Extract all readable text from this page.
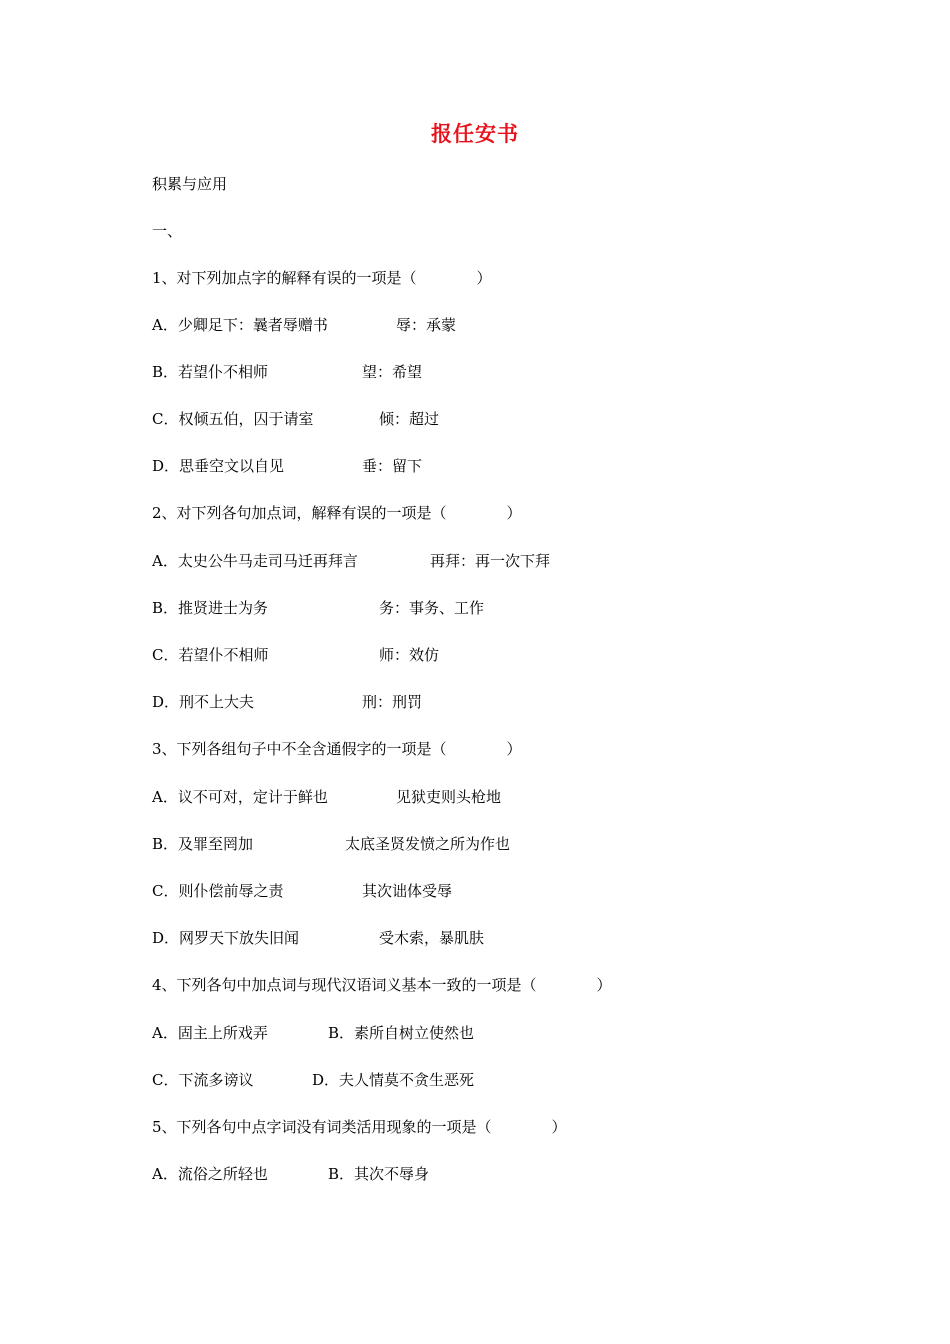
报任安书
积累与应用
一、
1、对下列加点字的解释有误的一项是（　　　　）

A．少卿足下：曩者辱赠书

	辱：承蒙

B．若望仆不相师

	望：希望

C．权倾五伯，囚于请室

	倾：超过

D．思垂空文以自见

	垂：留下

2、对下列各句加点词，解释有误的一项是（　　　　）

A．太史公牛马走司马迁再拜言

	再拜：再一次下拜

B．推贤进士为务

	务：事务、工作

C．若望仆不相师

	师：效仿

D．刑不上大夫

	刑：刑罚

3、下列各组句子中不全含通假字的一项是（　　　　）

A．议不可对，定计于鲜也

	见狱吏则头枪地

B．及罪至罔加

	太底圣贤发愤之所为作也

C．则仆偿前辱之责

	其次诎体受辱

D．网罗天下放失旧闻

	受木索，暴肌肤

4、下列各句中加点词与现代汉语词义基本一致的一项是（　　　　）

A．固主上所戏弄

	B．素所自树立使然也

C．下流多谤议

	D．夫人情莫不贪生恶死

5、下列各句中点字词没有词类活用现象的一项是（　　　　）

A．流俗之所轻也

	B．其次不辱身
